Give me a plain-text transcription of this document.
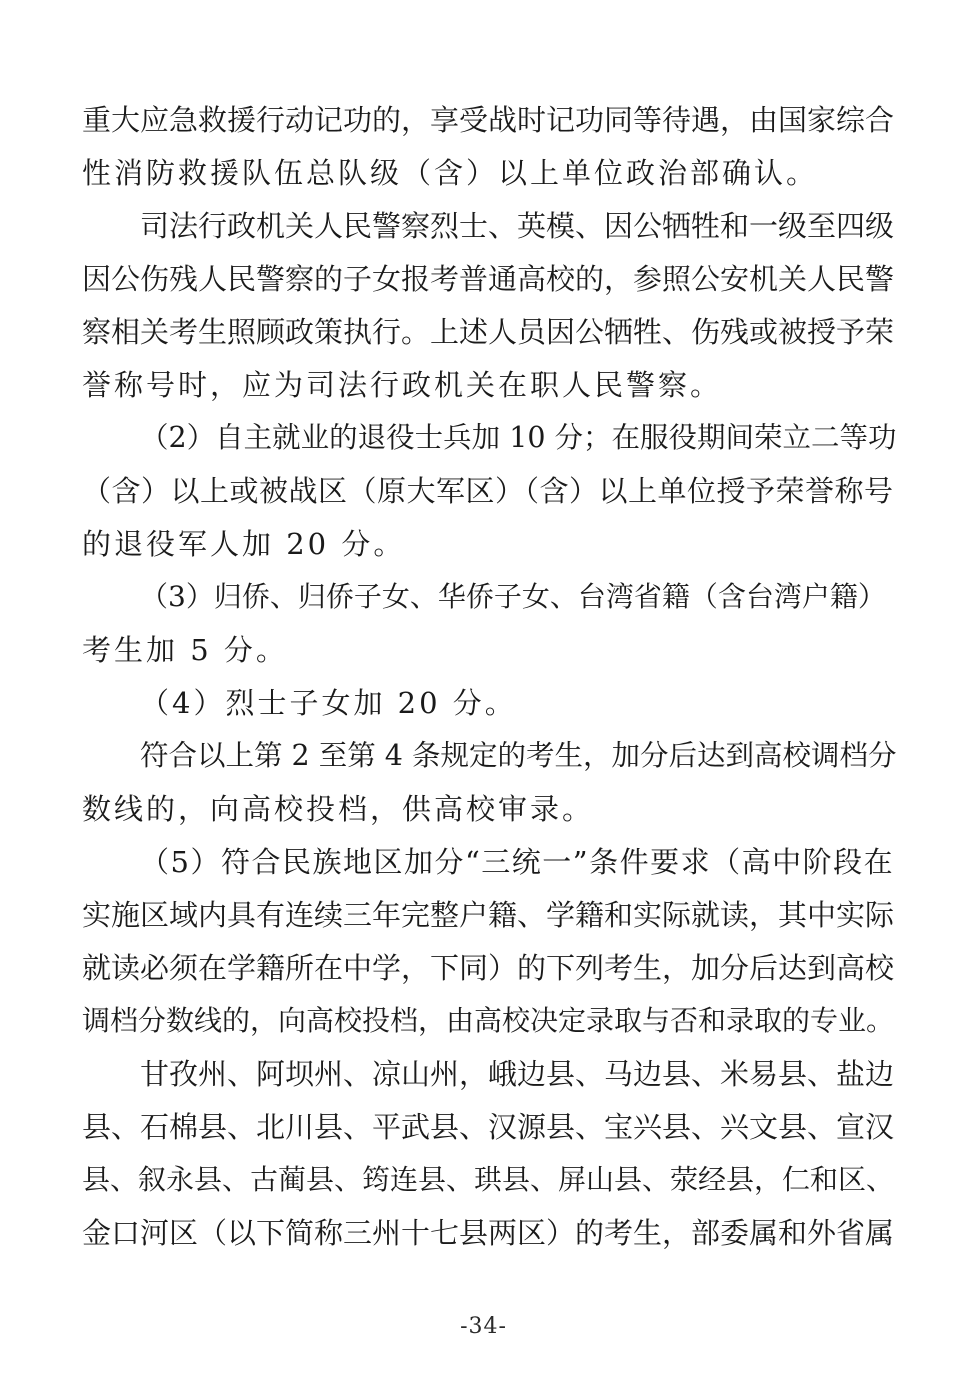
重大应急救援行动记功的，享受战时记功同等待遇，由国家综合
性消防救援队伍总队级（含）以上单位政治部确认。
司法行政机关人民警察烈士、英模、因公牺牲和一级至四级
因公伤残人民警察的子女报考普通高校的，参照公安机关人民警
察相关考生照顾政策执行。上述人员因公牺牲、伤残或被授予荣
誉称号时，应为司法行政机关在职人民警察。
（2）自主就业的退役士兵加 10 分；在服役期间荣立二等功
（含）以上或被战区（原大军区）（含）以上单位授予荣誉称号
的退役军人加 20 分。
（3）归侨、归侨子女、华侨子女、台湾省籍（含台湾户籍）
考生加 5 分。
（4）烈士子女加 20 分。
符合以上第 2 至第 4 条规定的考生，加分后达到高校调档分
数线的，向高校投档，供高校审录。
（5）符合民族地区加分“三统一”条件要求（高中阶段在
实施区域内具有连续三年完整户籍、学籍和实际就读，其中实际
就读必须在学籍所在中学，下同）的下列考生，加分后达到高校
调档分数线的，向高校投档，由高校决定录取与否和录取的专业。
甘孜州、阿坝州、凉山州，峨边县、马边县、米易县、盐边
县、石棉县、北川县、平武县、汉源县、宝兴县、兴文县、宣汉
县、叙永县、古蔺县、筠连县、珙县、屏山县、荥经县，仁和区、
金口河区（以下简称三州十七县两区）的考生，部委属和外省属
-34-
